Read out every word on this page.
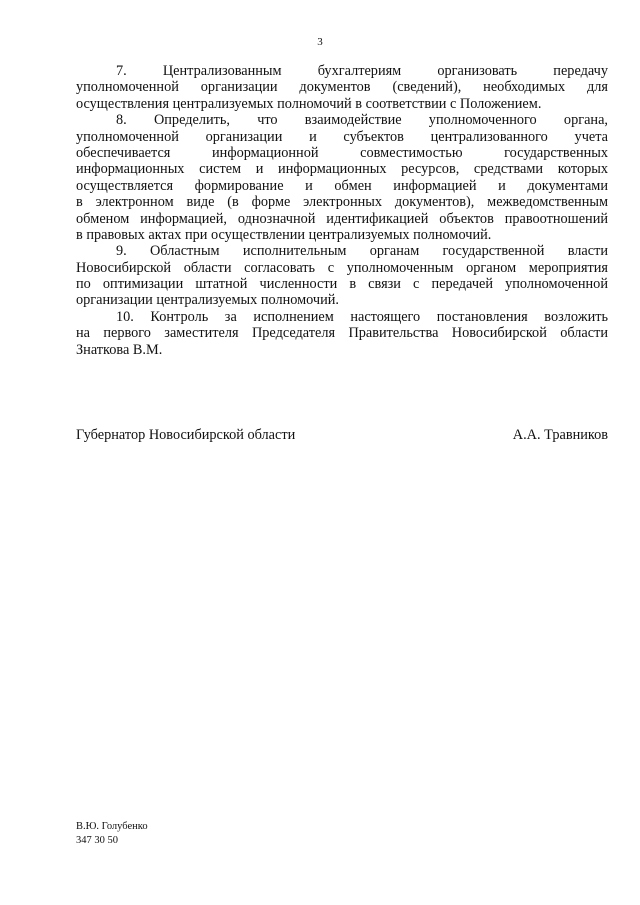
3

7. Централизованным бухгалтериям организовать передачу
уполномоченной организации документов (сведений), необходимых для
осуществления централизуемых полномочий в соответствии с Положением.

8. Определить, что взаимодействие уполномоченного органа,
уполномоченной организации и субъектов централизованного учета
обеспечивается информационной совместимостью государственных
информационных систем и информационных ресурсов, средствами которых
осуществляется формирование и обмен информацией и документами
в электронном виде (в форме электронных документов), межведомственным
обменом информацией, однозначной идентификацией объектов правоотношений
в правовых актах при осуществлении централизуемых полномочий.

9. Областным исполнительным органам государственной власти
Новосибирской области согласовать с уполномоченным органом мероприятия
по оптимизации штатной численности в связи с передачей уполномоченной
организации централизуемых полномочий.

10. Контроль за исполнением настоящего постановления возложить
на первого заместителя Председателя Правительства Новосибирской области
Знаткова В.М.

Губернатор Новосибирской области	А.А. Травников
В.Ю. Голубенко
347 30 50
